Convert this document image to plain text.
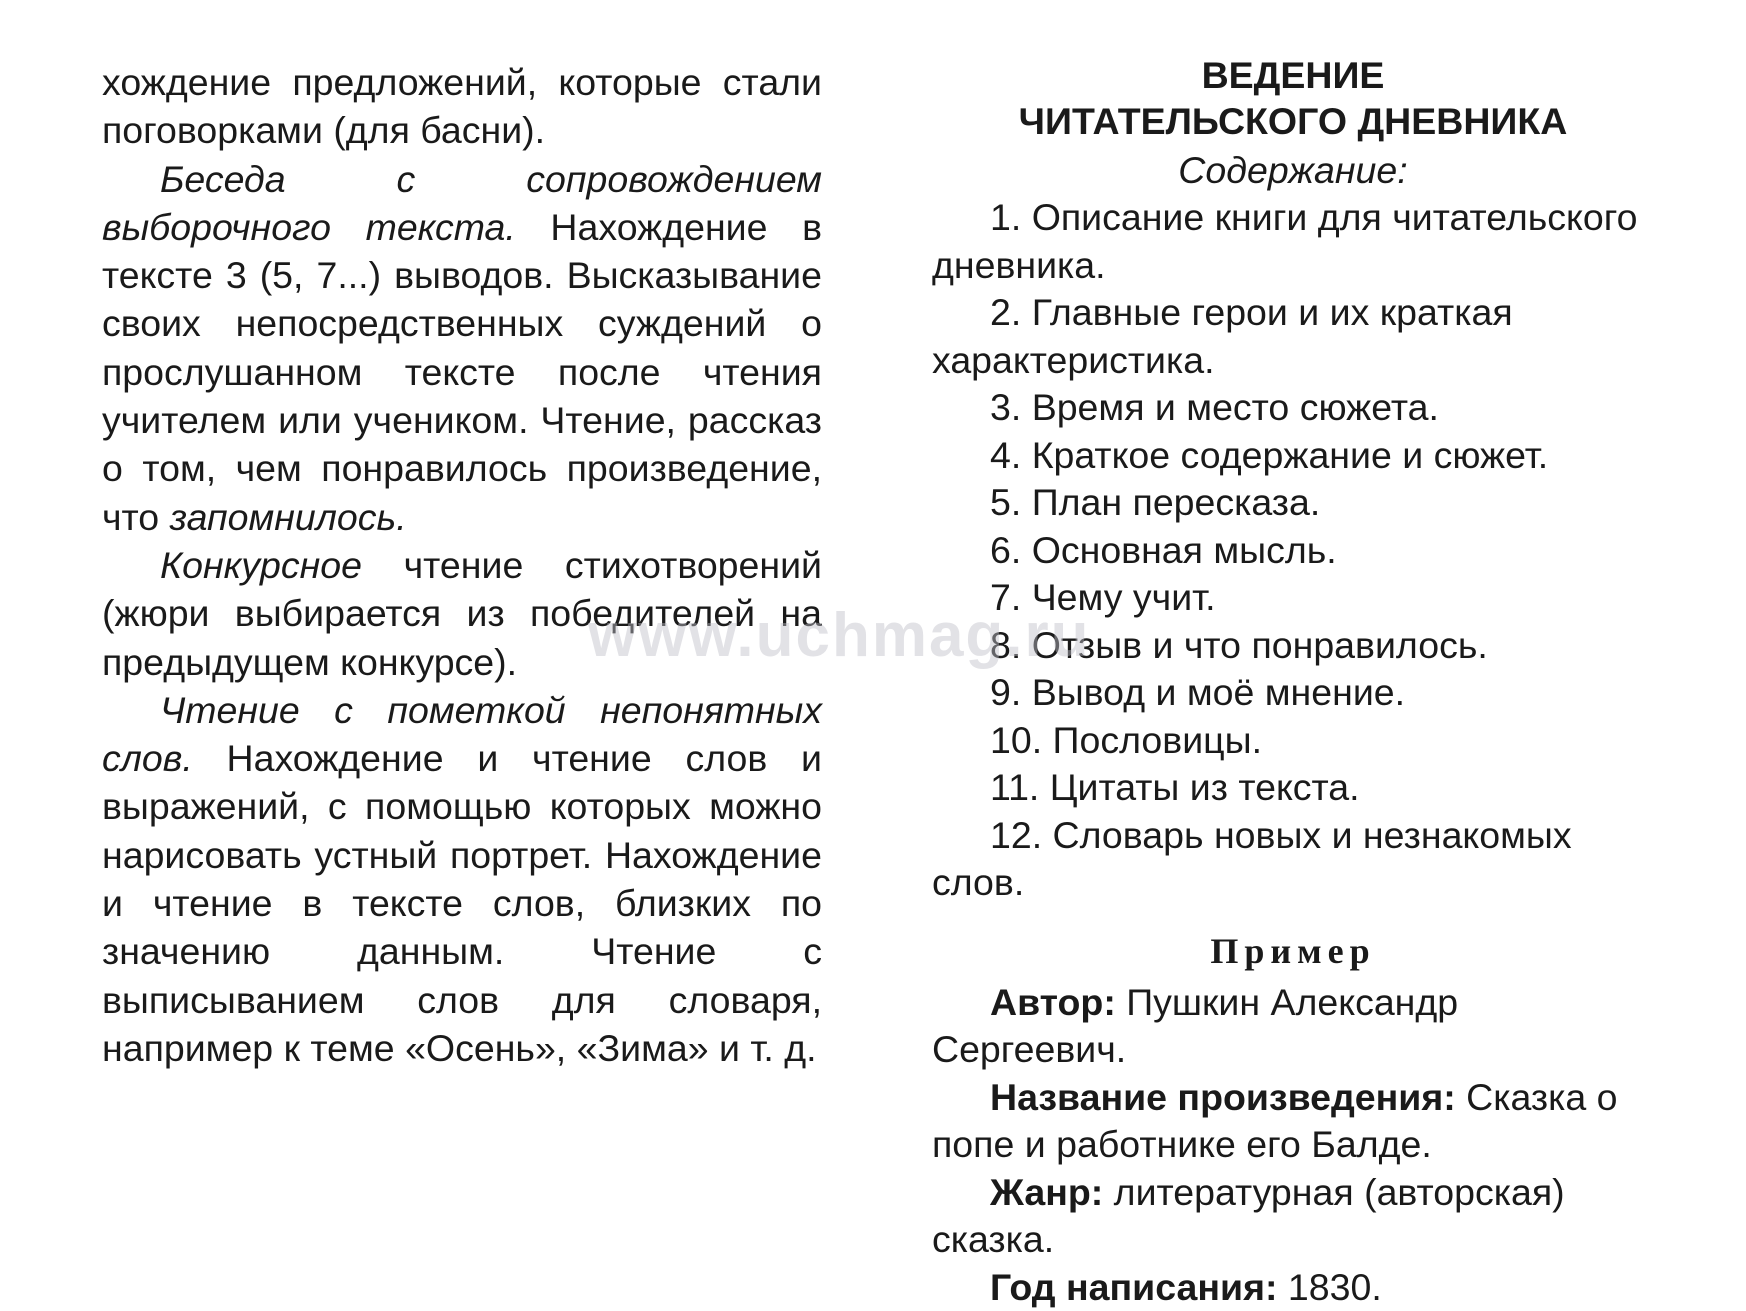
хождение предложений, которые стали поговорками (для басни).

Беседа с сопровождением выборочного текста. Нахождение в тексте 3 (5, 7...) выводов. Высказывание своих непосредственных суждений о прослушанном тексте после чтения учителем или учеником. Чтение, рассказ о том, чем понравилось произведение, что запомнилось.

Конкурсное чтение стихотворений (жюри выбирается из победителей на предыдущем конкурсе).

Чтение с пометкой непонятных слов. Нахождение и чтение слов и выражений, с помощью которых можно нарисовать устный портрет. Нахождение и чтение в тексте слов, близких по значению данным. Чтение с выписыванием слов для словаря, например к теме «Осень», «Зима» и т. д.

ВЕДЕНИЕ

ЧИТАТЕЛЬСКОГО ДНЕВНИКА

Содержание:

1. Описание книги для читательского дневника.
2. Главные герои и их краткая характеристика.
3. Время и место сюжета.
4. Краткое содержание и сюжет.
5. План пересказа.
6. Основная мысль.
7. Чему учит.
8. Отзыв и что понравилось.
9. Вывод и моё мнение.
10. Пословицы.
11. Цитаты из текста.
12. Словарь новых и незнакомых слов.

Пример

Автор: Пушкин Александр Сергеевич.

Название произведения: Сказка о попе и работнике его Балде.

Жанр: литературная (авторская) сказка.

Год написания: 1830.

www.uchmag.ru
